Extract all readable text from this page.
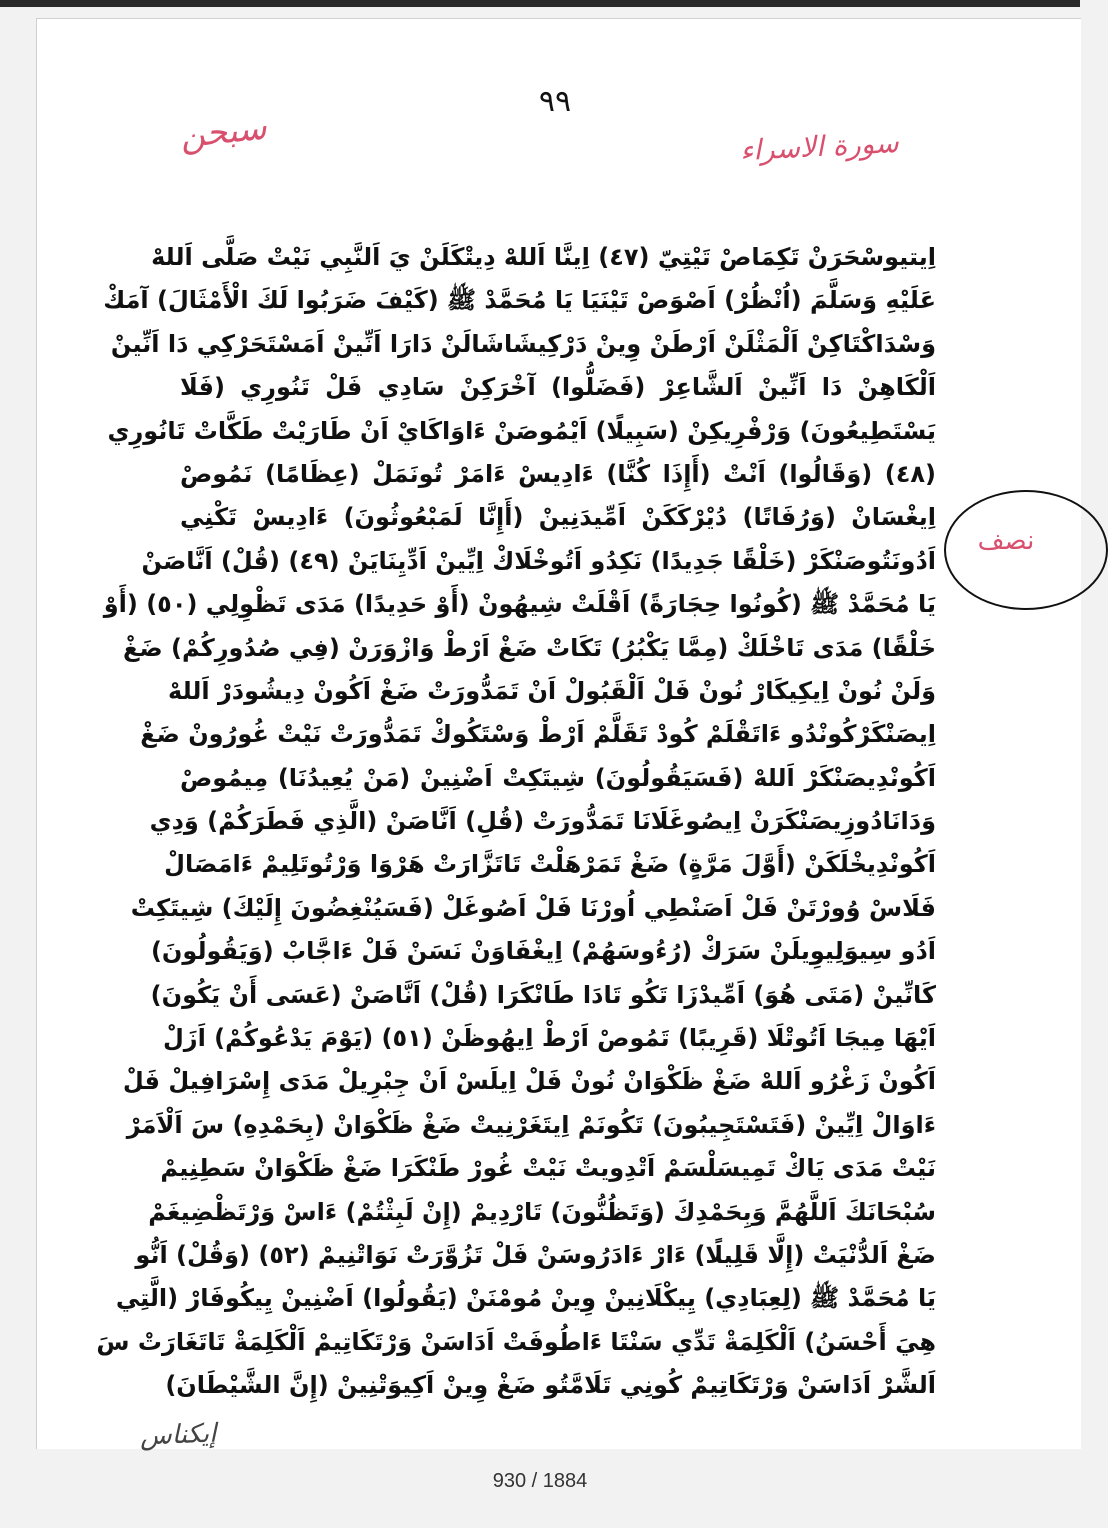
٩٩
سبحن	سورة الاسراء
نصف
اِيتيوسْحَرَنْ تَكِمَاصْ تَيْتِيّ (٤٧) اِينَّا اَللهْ دِيتْكَلَنْ يَ اَلنَّبِي نَيْتْ صَلَّى اَللهْ
عَلَيْهِ وَسَلَّمَ (اُنْظُرْ) اَصْوَصْ تَيْنَيَا يَا مُحَمَّدْ ﷺ (كَيْفَ ضَرَبُوا لَكَ الْأَمْثَالَ) آمَكْ
وَسْدَاكْتَاكِنْ اَلْمَثْلَنْ اَرْطَنْ وِينْ دَرْكِيشَاشَالَنْ دَارَا اَنِّينْ اَمَسْتَحَرْكِي دَا اَنِّينْ
اَلْكَاهِنْ دَا اَنِّينْ اَلشَّاعِرْ (فَضَلُّوا) آخْرَكِنْ سَادِي فَلْ تَنُورِي (فَلَا
يَسْتَطِيعُونَ) وَرْفْرِيكِنْ (سَبِيلًا) اَيْمُوصَنْ ءَاوَاكَايْ اَنْ طَارَيْتْ طَكَّاتْ تَانُورِي
(٤٨) (وَقَالُوا) اَنْتْ (أَإِذَا كُنَّا) ءَادِيسْ ءَامَرْ تُونَمَلْ (عِظَامًا) نَمُوصْ
اِيغْسَانْ (وَرُفَاتًا) دُيْرْكَكَنْ اَمِّيدَنِينْ (أَإِنَّا لَمَبْعُوثُونَ) ءَادِيسْ تَكْنِي
اَدُونَتُوصَنْكَرْ (خَلْقًا جَدِيدًا) نَكِدُو اَتُوخْلَاكْ اِيِّينْ اَدِّيِنَايَنْ (٤٩) (قُلْ) اَنَّاصَنْ
يَا مُحَمَّدْ ﷺ (كُونُوا حِجَارَةً) اَقْلَتْ شِيهُونْ (أَوْ حَدِيدًا) مَدَى تَظْوِلِي (٥٠) (أَوْ
خَلْقًا) مَدَى تَاخْلَكْ (مِمَّا يَكْبُرُ) تَكَاتْ ضَغْ اَرْطْ وَازْوَرَنْ (فِي صُدُورِكُمْ) ضَغْ
وَلَنْ نُونْ اِيكِيكَارْ نُونْ فَلْ اَلْقَبُولْ اَنْ تَمَدُّورَتْ ضَغْ اَكُونْ دِيشُودَرْ اَللهْ
اِيصَنْكَرْكُونْدُو ءَاتَقْلَمْ كُودْ تَقَلَّمْ اَرْطْ وَسْتَكُوكْ تَمَدُّورَتْ نَيْتْ غُورُونْ ضَغْ
اَكُونْدِيصَنْكَرْ اَللهْ (فَسَيَقُولُونَ) شِيتَكِتْ اَضْنِينْ (مَنْ يُعِيدُنَا) مِيمُوصْ
وَدَانَادُوزِيصَنْكَرَنْ اِيصُوغَلَانَا تَمَدُّورَتْ (قُلِ) اَنَّاصَنْ (الَّذِي فَطَرَكُمْ) وَدِي
اَكُونْدِيخْلَكَنْ (أَوَّلَ مَرَّةٍ) ضَغْ تَمَرْهَلْتْ تَاتَزَّارَتْ هَرْوَا وَرْتُوتَلِيمْ ءَامَصَالْ
فَلَاسْ وُورْتَنْ فَلْ اَصَنْطِي اُورْنَا فَلْ اَصُوغَلْ (فَسَيُنْغِضُونَ إِلَيْكَ) شِيتَكِتْ
اَدُو سِيوَلِيوِيلَنْ سَرَكْ (رُءُوسَهُمْ) اِيغْفَاوَنْ نَسَنْ فَلْ ءَاجَّابْ (وَيَقُولُونَ)
كَانِّينْ (مَتَى هُوَ) اَمِّيدْزَا تَكُو تَادَا طَانْكَرَا (قُلْ) اَنَّاصَنْ (عَسَى أَنْ يَكُونَ)
اَيْهَا مِيجَا اَتُوتْلَا (قَرِيبًا) تَمُوصْ اَرْطْ اِيهُوظَنْ (٥١) (يَوْمَ يَدْعُوكُمْ) اَزَلْ
اَكُونْ زَغْرُو اَللهْ ضَغْ ظَكْوَانْ نُونْ فَلْ اِيلَسْ اَنْ جِبْرِيلْ مَدَى إِسْرَافِيلْ فَلْ
ءَاوَالْ اِيِّينْ (فَتَسْتَجِيبُونَ) تَكُونَمْ اِيتَغَرْنِيتْ ضَغْ ظَكْوَانْ (بِحَمْدِهِ) سَ اَلْاَمَرْ
نَيْتْ مَدَى يَاكْ تَمِيسَلْسَمْ اَتْدِويتْ نَيْتْ غُورْ طَنْكَرَا ضَغْ ظَكْوَانْ سَطِنِيمْ
سُبْحَانَكَ اَللَّهُمَّ وَبِحَمْدِكَ (وَتَظُنُّونَ) تَارْدِيمْ (إِنْ لَبِثْتُمْ) ءَاسْ وَرْتَظْضِيغَمْ
ضَغْ اَلدُّنْيَتْ (إِلَّا قَلِيلًا) ءَارْ ءَادَرُوسَنْ فَلْ تَزُوَّرَتْ نَوَاتْنِيمْ (٥٢) (وَقُلْ) اَنُّو
يَا مُحَمَّدْ ﷺ (لِعِبَادِي) يِيكْلَانِينْ وِينْ مُومْنَنْ (يَقُولُوا) اَضْنِينْ يِيكُوفَارْ (الَّتِي
هِيَ أَحْسَنُ) اَلْكَلِمَةْ تَدِّي سَنْتَا ءَاطُوفَتْ اَدَاسَنْ وَرْتَكَاتِيمْ اَلْكَلِمَةْ تَاتَغَارَتْ سَ
اَلشَّرْ اَدَاسَنْ وَرْتَكَاتِيمْ كُونِي تَلَامَّتُو ضَغْ وِينْ اَكِيوَتْنِينْ (إِنَّ الشَّيْطَانَ)
إيكناس
930 / 1884
